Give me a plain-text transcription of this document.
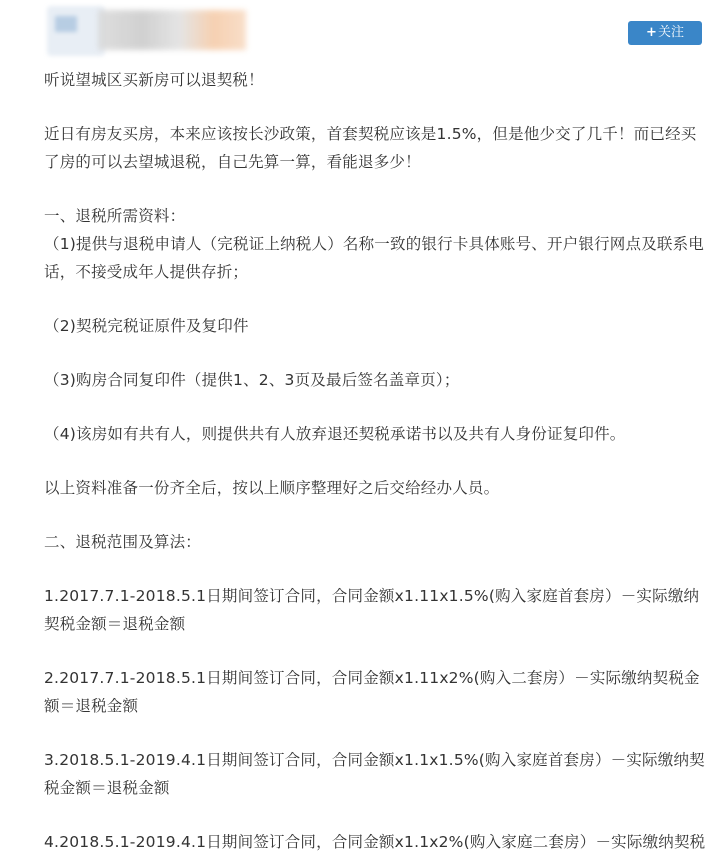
+关注

听说望城区买新房可以退契税！

近日有房友买房，本来应该按长沙政策，首套契税应该是1.5%，但是他少交了几千！而已经买了房的可以去望城退税，自己先算一算，看能退多少！

一、退税所需资料：

（1)提供与退税申请人（完税证上纳税人）名称一致的银行卡具体账号、开户银行网点及联系电话，不接受成年人提供存折；

（2)契税完税证原件及复印件

（3)购房合同复印件（提供1、2、3页及最后签名盖章页）；

（4)该房如有共有人，则提供共有人放弃退还契税承诺书以及共有人身份证复印件。

以上资料准备一份齐全后，按以上顺序整理好之后交给经办人员。

二、退税范围及算法：

1.2017.7.1-2018.5.1日期间签订合同，合同金额x1.11x1.5%(购入家庭首套房）－实际缴纳契税金额＝退税金额

2.2017.7.1-2018.5.1日期间签订合同，合同金额x1.11x2%(购入二套房）－实际缴纳契税金额＝退税金额

3.2018.5.1-2019.4.1日期间签订合同，合同金额x1.1x1.5%(购入家庭首套房）－实际缴纳契税金额＝退税金额

4.2018.5.1-2019.4.1日期间签订合同，合同金额x1.1x2%(购入家庭二套房）－实际缴纳契税
